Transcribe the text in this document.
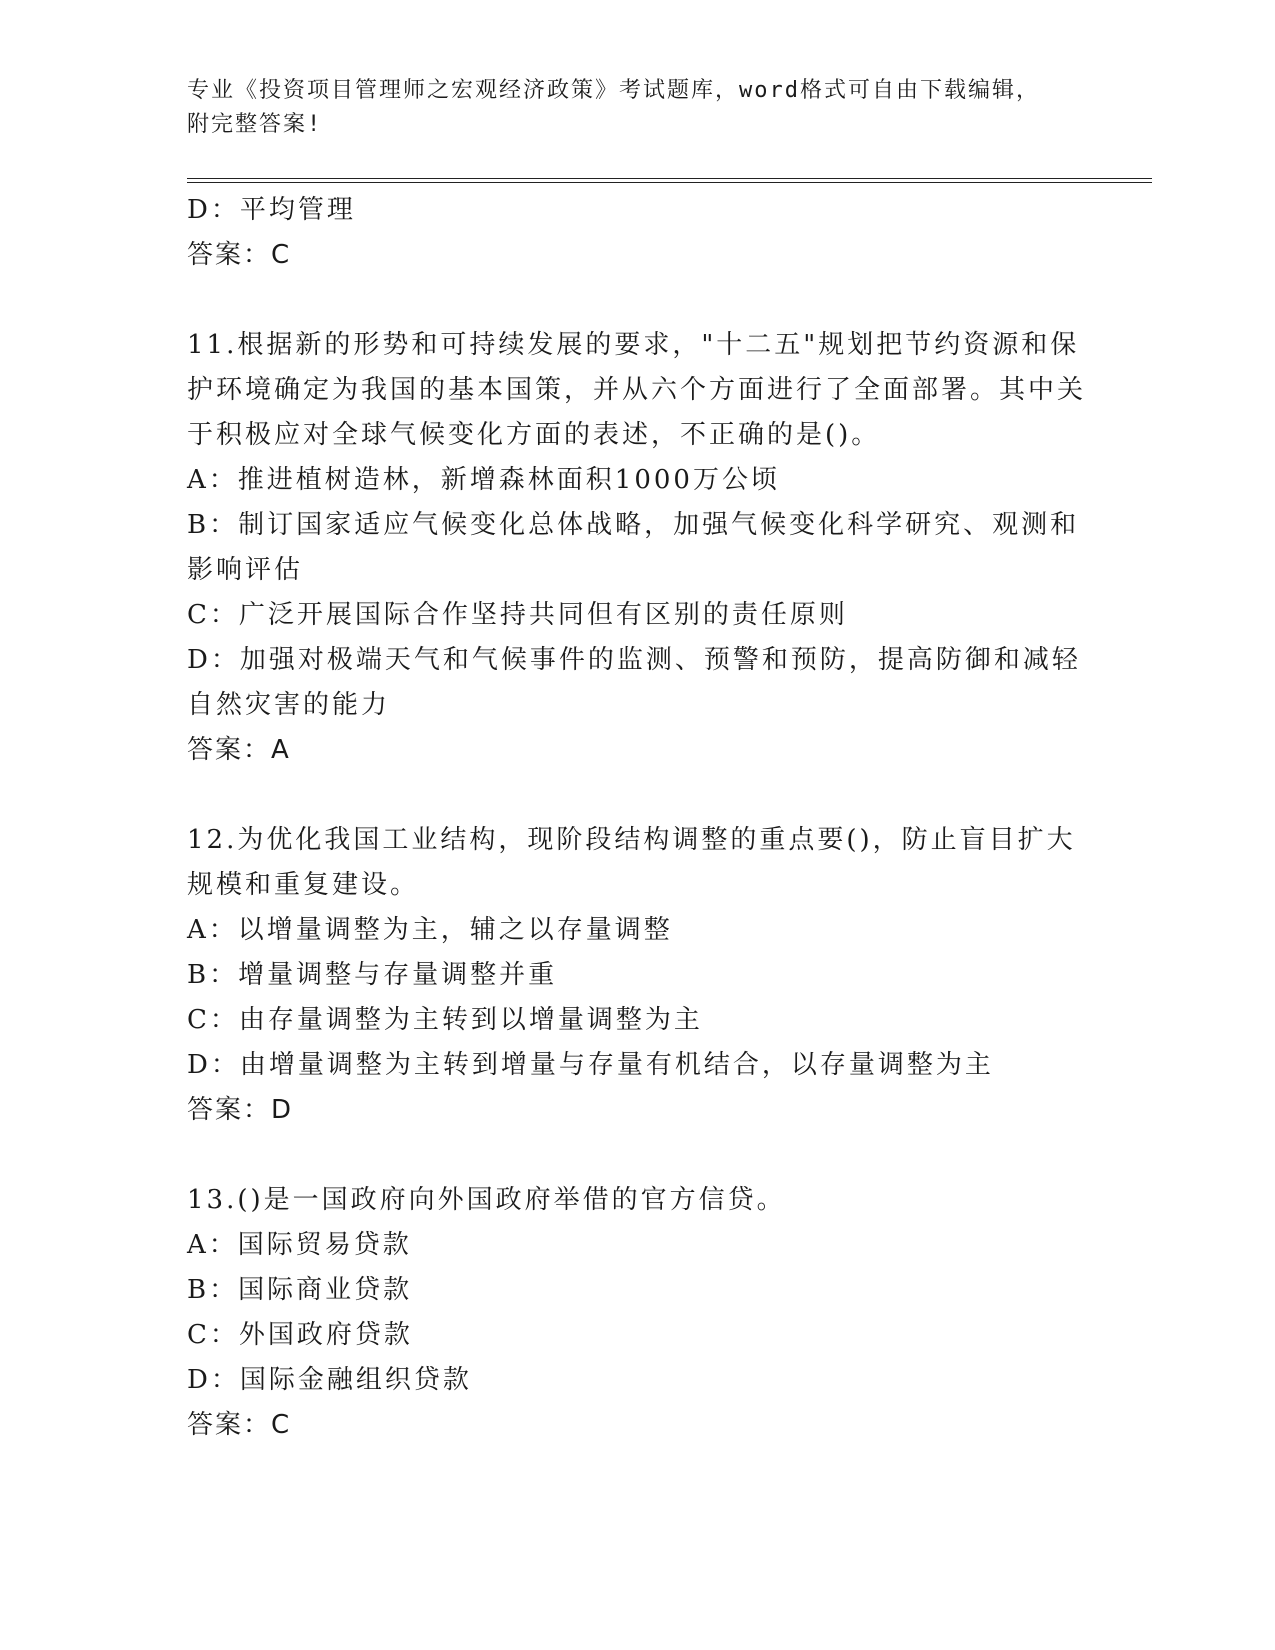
专业《投资项目管理师之宏观经济政策》考试题库，word格式可自由下载编辑，
附完整答案!
D：平均管理
答案：C
11.根据新的形势和可持续发展的要求，"十二五"规划把节约资源和保护环境确定为我国的基本国策，并从六个方面进行了全面部署。其中关于积极应对全球气候变化方面的表述，不正确的是()。
A：推进植树造林，新增森林面积1000万公顷
B：制订国家适应气候变化总体战略，加强气候变化科学研究、观测和影响评估
C：广泛开展国际合作坚持共同但有区别的责任原则
D：加强对极端天气和气候事件的监测、预警和预防，提高防御和减轻自然灾害的能力
答案：A
12.为优化我国工业结构，现阶段结构调整的重点要()，防止盲目扩大规模和重复建设。
A：以增量调整为主，辅之以存量调整
B：增量调整与存量调整并重
C：由存量调整为主转到以增量调整为主
D：由增量调整为主转到增量与存量有机结合，以存量调整为主
答案：D
13.()是一国政府向外国政府举借的官方信贷。
A：国际贸易贷款
B：国际商业贷款
C：外国政府贷款
D：国际金融组织贷款
答案：C
